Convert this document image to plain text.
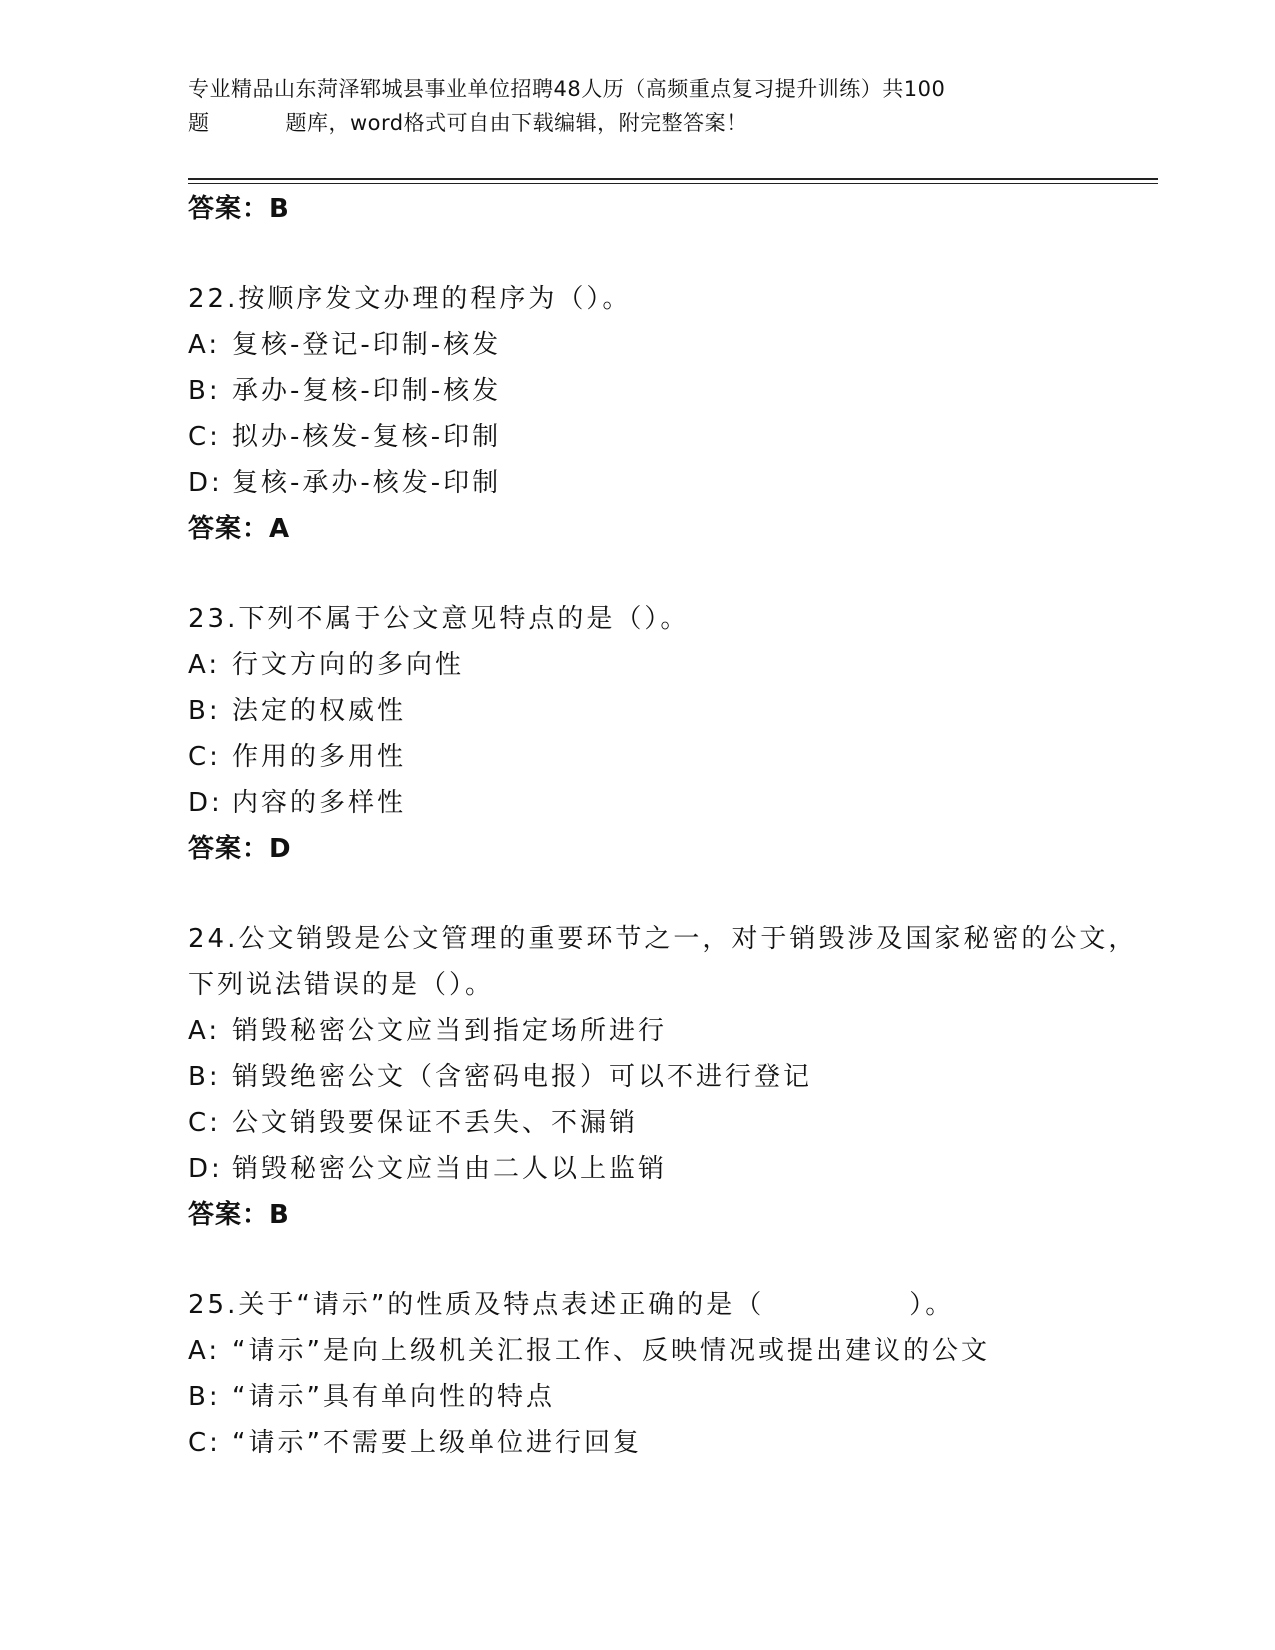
专业精品山东菏泽郓城县事业单位招聘48人历（高频重点复习提升训练）共100
题	题库，word格式可自由下载编辑，附完整答案！
答案：B
22.按顺序发文办理的程序为（）。
A: 复核-登记-印制-核发
B: 承办-复核-印制-核发
C: 拟办-核发-复核-印制
D: 复核-承办-核发-印制
答案：A
23.下列不属于公文意见特点的是（）。
A: 行文方向的多向性
B: 法定的权威性
C: 作用的多用性
D: 内容的多样性
答案：D
24.公文销毁是公文管理的重要环节之一，对于销毁涉及国家秘密的公文，下列说法错误的是（）。
A: 销毁秘密公文应当到指定场所进行
B: 销毁绝密公文（含密码电报）可以不进行登记
C: 公文销毁要保证不丢失、不漏销
D: 销毁秘密公文应当由二人以上监销
答案：B
25.关于“请示”的性质及特点表述正确的是（　　　　　）。
A: “请示”是向上级机关汇报工作、反映情况或提出建议的公文
B: “请示”具有单向性的特点
C: “请示”不需要上级单位进行回复
